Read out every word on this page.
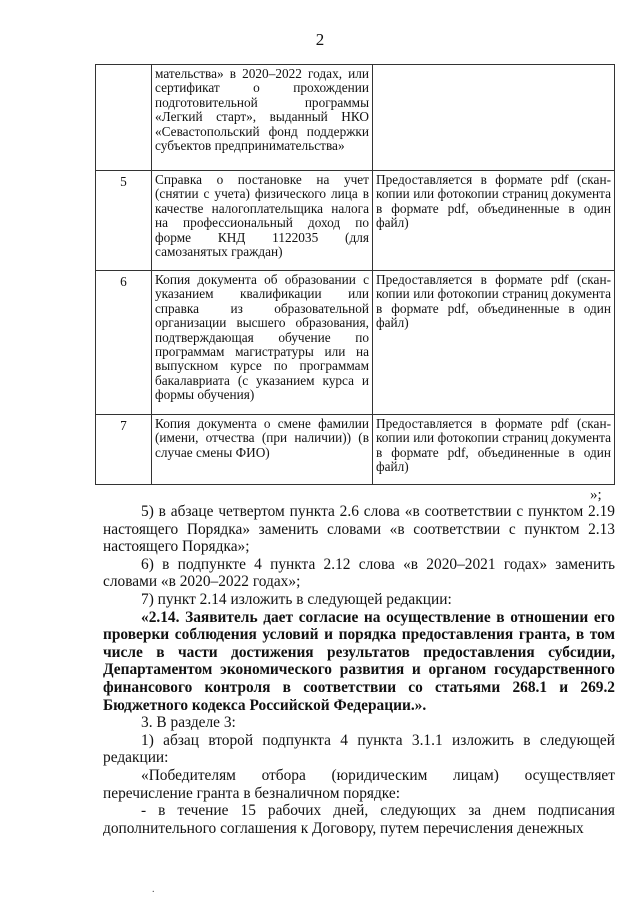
2
	мательства» в 2020–2022 годах, или сертификат о прохождении подготовительной программы «Легкий старт», выданный НКО «Севастопольский фонд поддержки субъектов предпринимательства»	
5	Справка о постановке на учет (снятии с учета) физического лица в качестве налогоплательщика налога на профессиональный доход по форме КНД 1122035 (для самозанятых граждан)	Предоставляется в формате pdf (скан-копии или фотокопии страниц документа в формате pdf, объединенные в один файл)
6	Копия документа об образовании с указанием квалификации или справка из образовательной организации высшего образования, подтверждающая обучение по программам магистратуры или на выпускном курсе по программам бакалавриата (с указанием курса и формы обучения)	Предоставляется в формате pdf (скан-копии или фотокопии страниц документа в формате pdf, объединенные в один файл)
7	Копия документа о смене фамилии (имени, отчества (при наличии)) (в случае смены ФИО)	Предоставляется в формате pdf (скан-копии или фотокопии страниц документа в формате pdf, объединенные в один файл)
»;

5) в абзаце четвертом пункта 2.6 слова «в соответствии с пунктом 2.19 настоящего Порядка» заменить словами «в соответствии с пунктом 2.13 настоящего Порядка»;

6) в подпункте 4 пункта 2.12 слова «в 2020–2021 годах» заменить словами «в 2020–2022 годах»;

7) пункт 2.14 изложить в следующей редакции:

«2.14. Заявитель дает согласие на осуществление в отношении его проверки соблюдения условий и порядка предоставления гранта, в том числе в части достижения результатов предоставления субсидии, Департаментом экономического развития и органом государственного финансового контроля в соответствии со статьями 268.1 и 269.2 Бюджетного кодекса Российской Федерации.».

3. В разделе 3:

1) абзац второй подпункта 4 пункта 3.1.1 изложить в следующей редакции:

«Победителям отбора (юридическим лицам) осуществляет перечисление гранта в безналичном порядке:

- в течение 15 рабочих дней, следующих за днем подписания дополнительного соглашения к Договору, путем перечисления денежных

.
